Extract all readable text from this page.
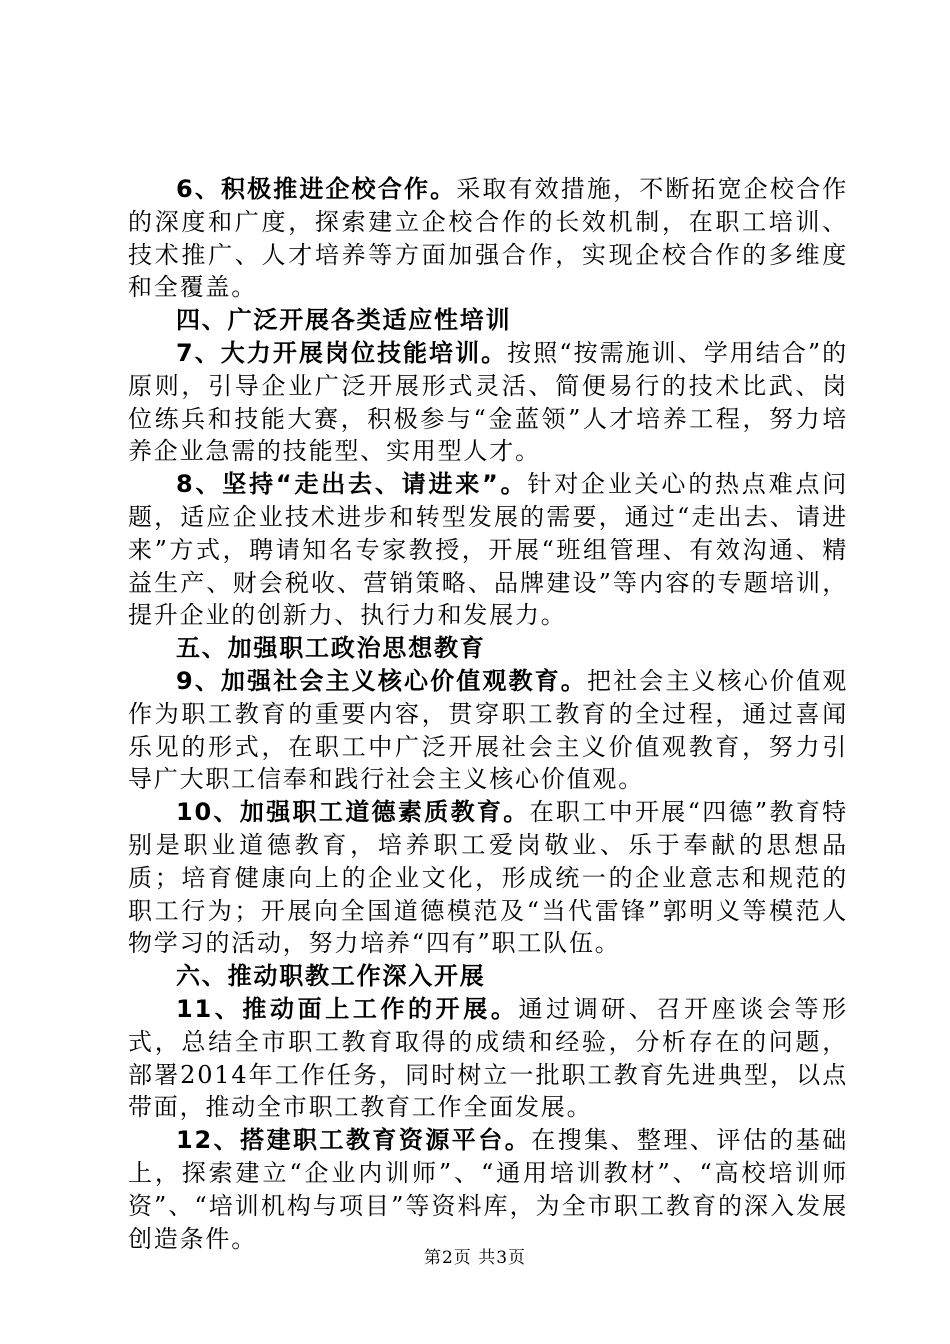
6、积极推进企校合作。采取有效措施，不断拓宽企校合作的深度和广度，探索建立企校合作的长效机制，在职工培训、技术推广、人才培养等方面加强合作，实现企校合作的多维度和全覆盖。

四、广泛开展各类适应性培训

7、大力开展岗位技能培训。按照“按需施训、学用结合”的原则，引导企业广泛开展形式灵活、简便易行的技术比武、岗位练兵和技能大赛，积极参与“金蓝领”人才培养工程，努力培养企业急需的技能型、实用型人才。

8、坚持“走出去、请进来”。针对企业关心的热点难点问题，适应企业技术进步和转型发展的需要，通过“走出去、请进来”方式，聘请知名专家教授，开展“班组管理、有效沟通、精益生产、财会税收、营销策略、品牌建设”等内容的专题培训，提升企业的创新力、执行力和发展力。

五、加强职工政治思想教育

9、加强社会主义核心价值观教育。把社会主义核心价值观作为职工教育的重要内容，贯穿职工教育的全过程，通过喜闻乐见的形式，在职工中广泛开展社会主义价值观教育，努力引导广大职工信奉和践行社会主义核心价值观。

10、加强职工道德素质教育。在职工中开展“四德”教育特别是职业道德教育，培养职工爱岗敬业、乐于奉献的思想品质；培育健康向上的企业文化，形成统一的企业意志和规范的职工行为；开展向全国道德模范及“当代雷锋”郭明义等模范人物学习的活动，努力培养“四有”职工队伍。

六、推动职教工作深入开展

11、推动面上工作的开展。通过调研、召开座谈会等形式，总结全市职工教育取得的成绩和经验，分析存在的问题，部署2014年工作任务，同时树立一批职工教育先进典型，以点带面，推动全市职工教育工作全面发展。

12、搭建职工教育资源平台。在搜集、整理、评估的基础上，探索建立“企业内训师”、“通用培训教材”、“高校培训师资”、“培训机构与项目”等资料库，为全市职工教育的深入发展创造条件。

第2页 共3页
